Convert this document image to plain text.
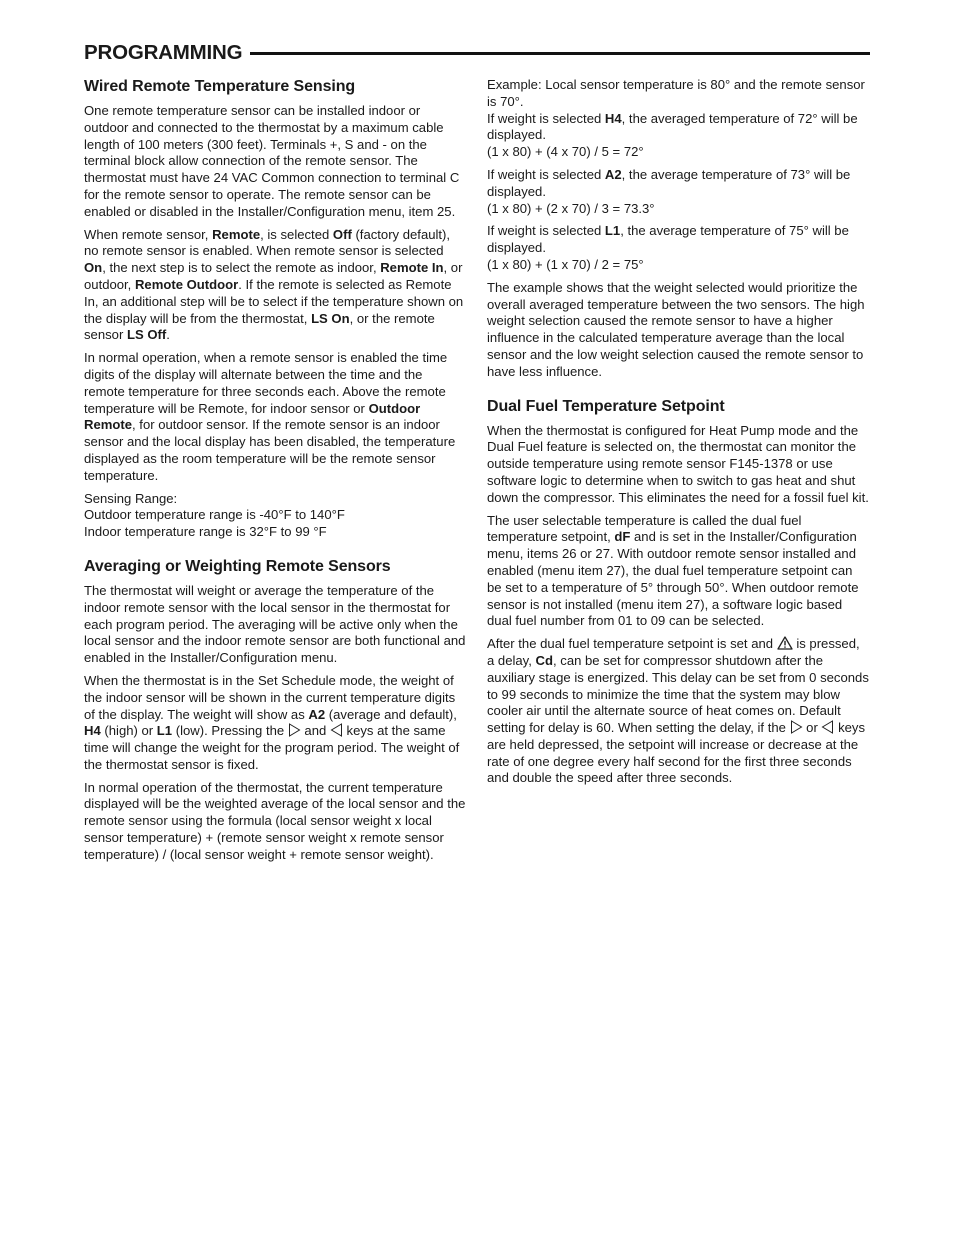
PROGRAMMING
Wired Remote Temperature Sensing

One remote temperature sensor can be installed indoor or outdoor and connected to the thermostat by a maximum cable length of 100 meters (300 feet). Terminals +, S and - on the terminal block allow connection of the remote sensor. The thermostat must have 24 VAC Common connection to terminal C for the remote sensor to operate. The remote sensor can be enabled or disabled in the Installer/Configuration menu, item 25.

When remote sensor, Remote, is selected Off (factory default), no remote sensor is enabled. When remote sensor is selected On, the next step is to select the remote as indoor, Remote In, or outdoor, Remote Outdoor. If the remote is selected as Remote In, an additional step will be to select if the temperature shown on the display will be from the thermostat, LS On, or the remote sensor LS Off.

In normal operation, when a remote sensor is enabled the time digits of the display will alternate between the time and the remote temperature for three seconds each. Above the remote temperature will be Remote, for indoor sensor or Outdoor Remote, for outdoor sensor. If the remote sensor is an indoor sensor and the local display has been disabled, the temperature displayed as the room temperature will be the remote sensor temperature.

Sensing Range:
Outdoor temperature range is -40°F to 140°F
Indoor temperature range is 32°F to 99 °F

Averaging or Weighting Remote Sensors

The thermostat will weight or average the temperature of the indoor remote sensor with the local sensor in the thermostat for each program period. The averaging will be active only when the local sensor and the indoor remote sensor are both functional and enabled in the Installer/Configuration menu.

When the thermostat is in the Set Schedule mode, the weight of the indoor sensor will be shown in the current temperature digits of the display. The weight will show as A2 (average and default), H4 (high) or L1 (low). Pressing the
and
keys at the same time will change the weight for the program period. The weight of the thermostat sensor is fixed.

In normal operation of the thermostat, the current temperature displayed will be the weighted average of the local sensor and the remote sensor using the formula (local sensor weight x local sensor temperature) + (remote sensor weight x remote sensor temperature) / (local sensor weight + remote sensor weight).

Example: Local sensor temperature is 80° and the remote sensor is 70°.
If weight is selected H4, the averaged temperature of 72° will be displayed.
(1 x 80) + (4 x 70) / 5 = 72°

If weight is selected A2, the average temperature of 73° will be displayed.
(1 x 80) + (2 x 70) / 3 = 73.3°

If weight is selected L1, the average temperature of 75° will be displayed.
(1 x 80) + (1 x 70) / 2 = 75°

The example shows that the weight selected would prioritize the overall averaged temperature between the two sensors. The high weight selection caused the remote sensor to have a higher influence in the calculated temperature average than the local sensor and the low weight selection caused the remote sensor to have less influence.

Dual Fuel Temperature Setpoint

When the thermostat is configured for Heat Pump mode and the Dual Fuel feature is selected on, the thermostat can monitor the outside temperature using remote sensor F145-1378 or use software logic to determine when to switch to gas heat and shut down the compressor. This eliminates the need for a fossil fuel kit.

The user selectable temperature is called the dual fuel temperature setpoint, dF and is set in the Installer/Configuration menu, items 26 or 27. With outdoor remote sensor installed and enabled (menu item 27), the dual fuel temperature setpoint can be set to a temperature of 5° through 50°. When outdoor remote sensor is not installed (menu item 27), a software logic based dual fuel number from 01 to 09 can be selected.

After the dual fuel temperature setpoint is set and  is pressed, a delay, Cd, can be set for compressor shutdown after the auxiliary stage is energized. This delay can be set from 0 seconds to 99 seconds to minimize the time that the system may blow cooler air until the alternate source of heat comes on. Default setting for delay is 60. When setting the delay, if the
or
keys are held depressed, the setpoint will increase or decrease at the rate of one degree every half second for the first three seconds and double the speed after three seconds.
